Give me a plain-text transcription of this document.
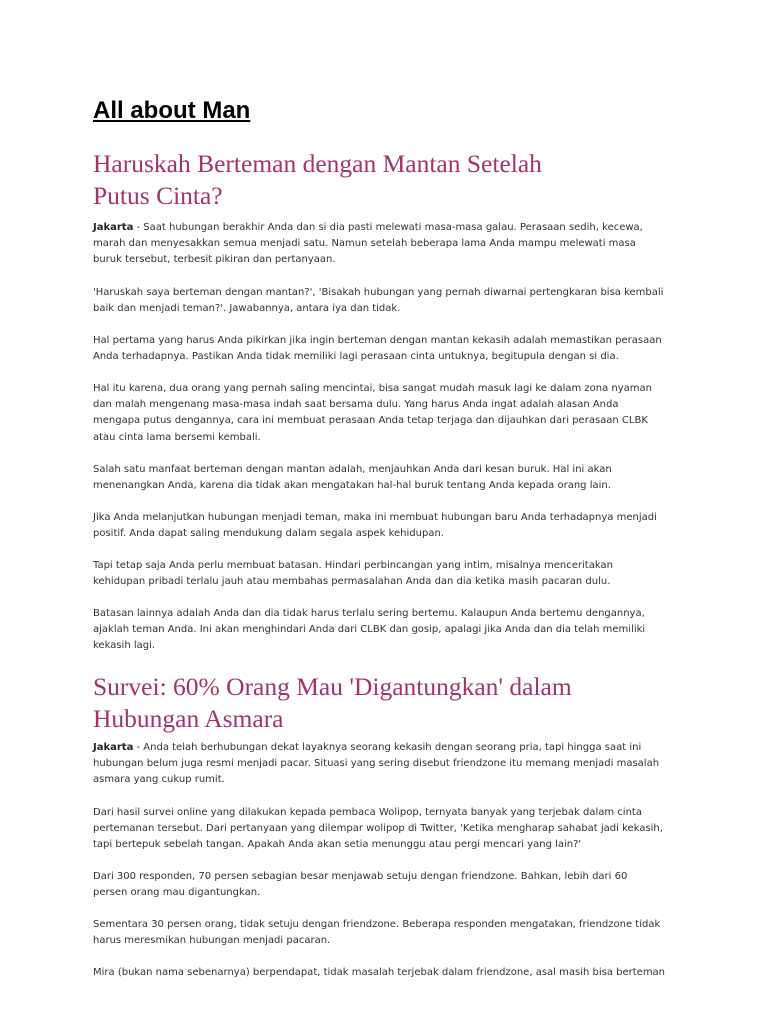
All about Man
Haruskah Berteman dengan Mantan Setelah
Putus Cinta?

Jakarta - Saat hubungan berakhir Anda dan si dia pasti melewati masa-masa galau. Perasaan sedih, kecewa,
marah dan menyesakkan semua menjadi satu. Namun setelah beberapa lama Anda mampu melewati masa
buruk tersebut, terbesit pikiran dan pertanyaan.

'Haruskah saya berteman dengan mantan?', 'Bisakah hubungan yang pernah diwarnai pertengkaran bisa kembali
baik dan menjadi teman?'. Jawabannya, antara iya dan tidak.

Hal pertama yang harus Anda pikirkan jika ingin berteman dengan mantan kekasih adalah memastikan perasaan
Anda terhadapnya. Pastikan Anda tidak memiliki lagi perasaan cinta untuknya, begitupula dengan si dia.

Hal itu karena, dua orang yang pernah saling mencintai, bisa sangat mudah masuk lagi ke dalam zona nyaman
dan malah mengenang masa-masa indah saat bersama dulu. Yang harus Anda ingat adalah alasan Anda
mengapa putus dengannya, cara ini membuat perasaan Anda tetap terjaga dan dijauhkan dari perasaan CLBK
atau cinta lama bersemi kembali.

Salah satu manfaat berteman dengan mantan adalah, menjauhkan Anda dari kesan buruk. Hal ini akan
menenangkan Anda, karena dia tidak akan mengatakan hal-hal buruk tentang Anda kepada orang lain.

Jika Anda melanjutkan hubungan menjadi teman, maka ini membuat hubungan baru Anda terhadapnya menjadi
positif. Anda dapat saling mendukung dalam segala aspek kehidupan.

Tapi tetap saja Anda perlu membuat batasan. Hindari perbincangan yang intim, misalnya menceritakan
kehidupan pribadi terlalu jauh atau membahas permasalahan Anda dan dia ketika masih pacaran dulu.

Batasan lainnya adalah Anda dan dia tidak harus terlalu sering bertemu. Kalaupun Anda bertemu dengannya,
ajaklah teman Anda. Ini akan menghindari Anda dari CLBK dan gosip, apalagi jika Anda dan dia telah memiliki
kekasih lagi.

Survei: 60% Orang Mau 'Digantungkan' dalam
Hubungan Asmara

Jakarta - Anda telah berhubungan dekat layaknya seorang kekasih dengan seorang pria, tapi hingga saat ini
hubungan belum juga resmi menjadi pacar. Situasi yang sering disebut friendzone itu memang menjadi masalah
asmara yang cukup rumit.

Dari hasil survei online yang dilakukan kepada pembaca Wolipop, ternyata banyak yang terjebak dalam cinta
pertemanan tersebut. Dari pertanyaan yang dilempar wolipop di Twitter, 'Ketika mengharap sahabat jadi kekasih,
tapi bertepuk sebelah tangan. Apakah Anda akan setia menunggu atau pergi mencari yang lain?'

Dari 300 responden, 70 persen sebagian besar menjawab setuju dengan friendzone. Bahkan, lebih dari 60
persen orang mau digantungkan.

Sementara 30 persen orang, tidak setuju dengan friendzone. Beberapa responden mengatakan, friendzone tidak
harus meresmikan hubungan menjadi pacaran.

Mira (bukan nama sebenarnya) berpendapat, tidak masalah terjebak dalam friendzone, asal masih bisa berteman
